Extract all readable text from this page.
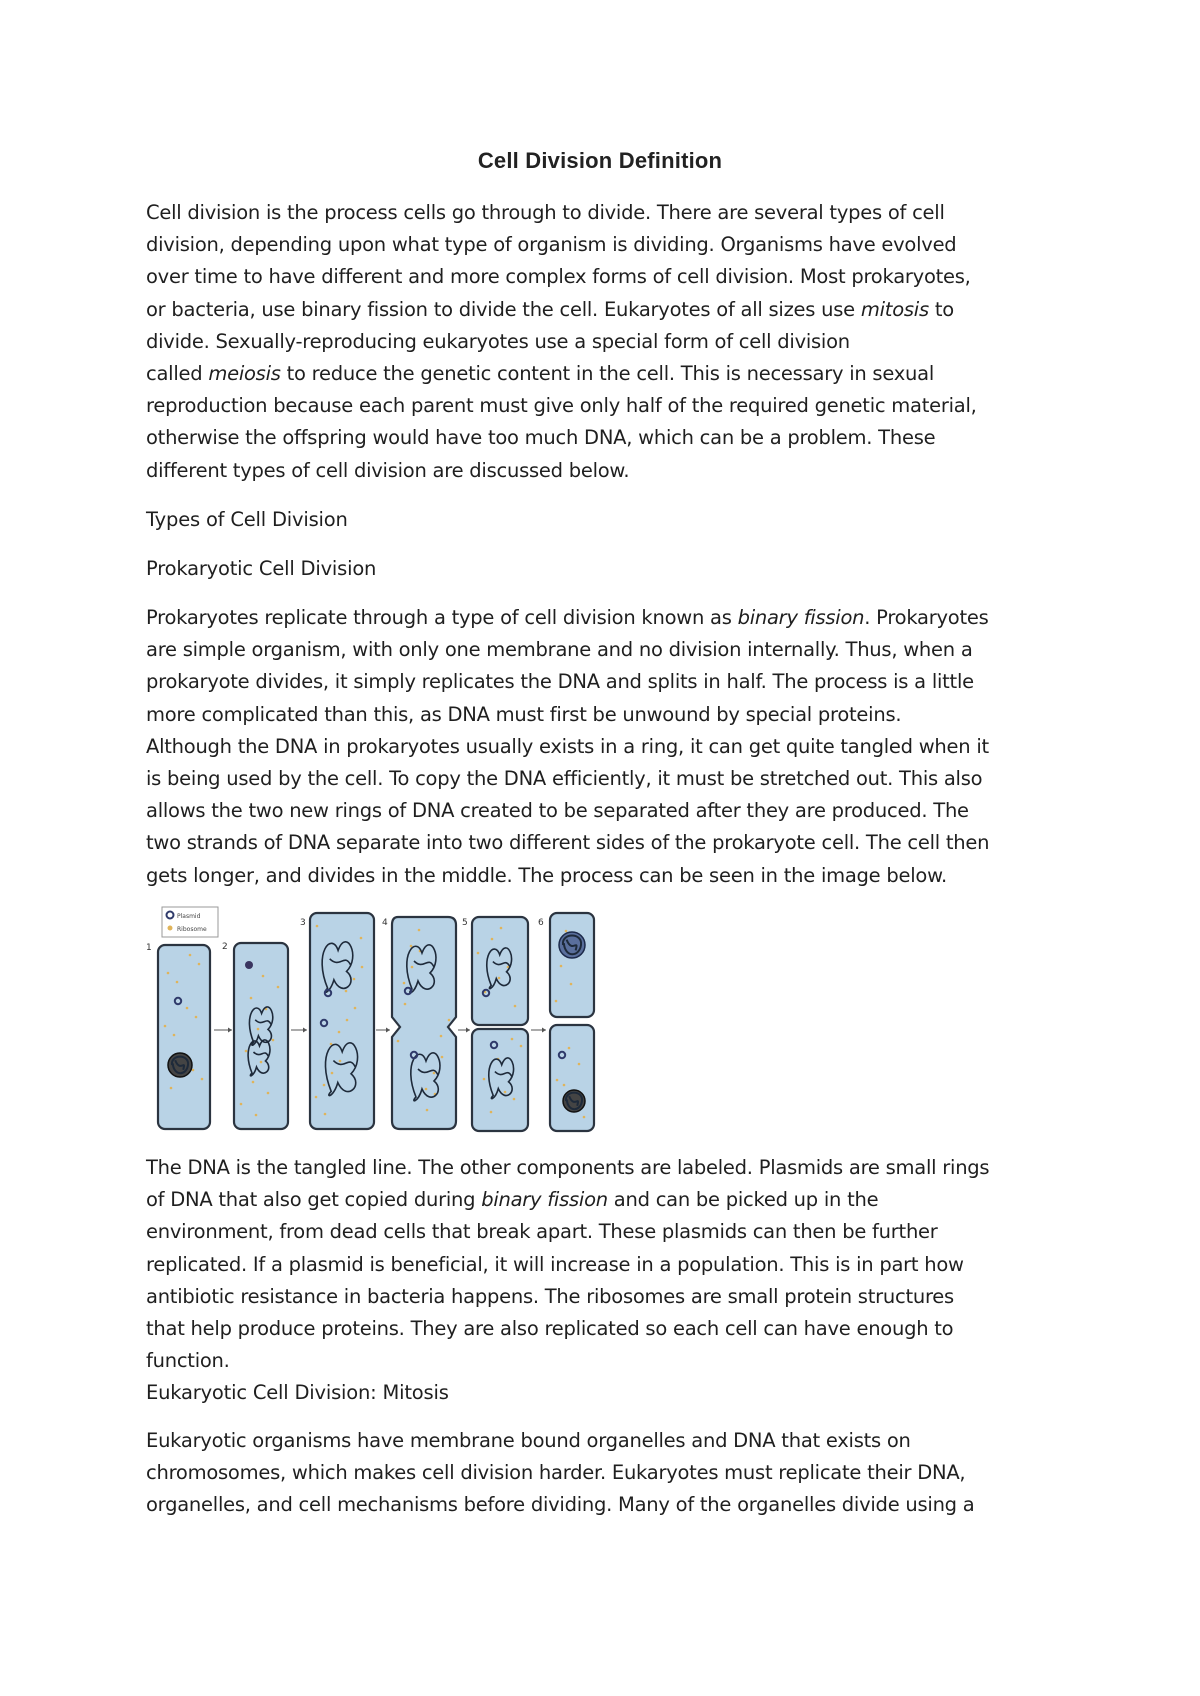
Cell Division Definition
Cell division is the process cells go through to divide. There are several types of cell
division, depending upon what type of organism is dividing. Organisms have evolved
over time to have different and more complex forms of cell division. Most prokaryotes,
or bacteria, use binary fission to divide the cell. Eukaryotes of all sizes use mitosis to
divide. Sexually-reproducing eukaryotes use a special form of cell division
called meiosis to reduce the genetic content in the cell. This is necessary in sexual
reproduction because each parent must give only half of the required genetic material,
otherwise the offspring would have too much DNA, which can be a problem. These
different types of cell division are discussed below.
Types of Cell Division
Prokaryotic Cell Division
Prokaryotes replicate through a type of cell division known as binary fission. Prokaryotes
are simple organism, with only one membrane and no division internally. Thus, when a
prokaryote divides, it simply replicates the DNA and splits in half. The process is a little
more complicated than this, as DNA must first be unwound by special proteins.
Although the DNA in prokaryotes usually exists in a ring, it can get quite tangled when it
is being used by the cell. To copy the DNA efficiently, it must be stretched out. This also
allows the two new rings of DNA created to be separated after they are produced. The
two strands of DNA separate into two different sides of the prokaryote cell. The cell then
gets longer, and divides in the middle. The process can be seen in the image below.
Plasmid
Ribosome
1	2
3	4	5	6
The DNA is the tangled line. The other components are labeled. Plasmids are small rings
of DNA that also get copied during binary fission and can be picked up in the
environment, from dead cells that break apart. These plasmids can then be further
replicated. If a plasmid is beneficial, it will increase in a population. This is in part how
antibiotic resistance in bacteria happens. The ribosomes are small protein structures
that help produce proteins. They are also replicated so each cell can have enough to
function.
Eukaryotic Cell Division: Mitosis
Eukaryotic organisms have membrane bound organelles and DNA that exists on
chromosomes, which makes cell division harder. Eukaryotes must replicate their DNA,
organelles, and cell mechanisms before dividing. Many of the organelles divide using a
